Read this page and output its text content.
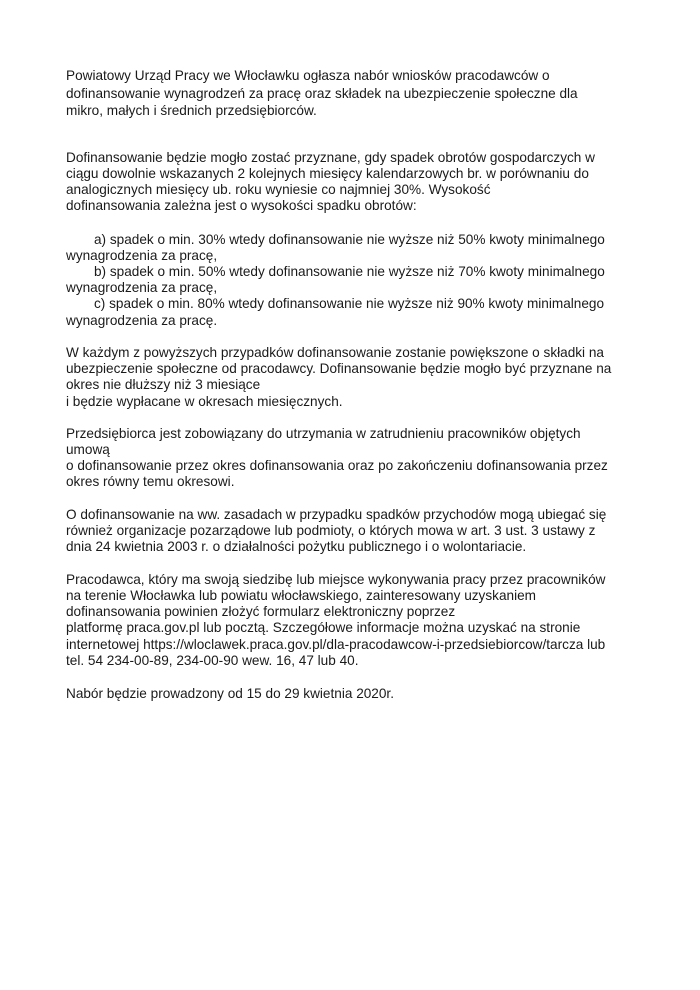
Powiatowy Urząd Pracy we Włocławku ogłasza nabór wniosków pracodawców o
dofinansowanie wynagrodzeń za pracę oraz składek na ubezpieczenie społeczne dla
mikro, małych i średnich przedsiębiorców.
Dofinansowanie będzie mogło zostać przyznane, gdy spadek obrotów gospodarczych w
ciągu dowolnie wskazanych 2 kolejnych miesięcy kalendarzowych br. w porównaniu do
analogicznych miesięcy ub. roku wyniesie co najmniej 30%. Wysokość
dofinansowania zależna jest o wysokości spadku obrotów:
a) spadek o min. 30% wtedy dofinansowanie nie wyższe niż 50% kwoty minimalnego
wynagrodzenia za pracę,
b) spadek o min. 50% wtedy dofinansowanie nie wyższe niż 70% kwoty minimalnego
wynagrodzenia za pracę,
c) spadek o min. 80% wtedy dofinansowanie nie wyższe niż 90% kwoty minimalnego
wynagrodzenia za pracę.
W każdym z powyższych przypadków dofinansowanie zostanie powiększone o składki na
ubezpieczenie społeczne od pracodawcy. Dofinansowanie będzie mogło być przyznane na
okres nie dłuższy niż 3 miesiące
i będzie wypłacane w okresach miesięcznych.
Przedsiębiorca jest zobowiązany do utrzymania w zatrudnieniu pracowników objętych
umową
o dofinansowanie przez okres dofinansowania oraz po zakończeniu dofinansowania przez
okres równy temu okresowi.
O dofinansowanie na ww. zasadach w przypadku spadków przychodów mogą ubiegać się
również organizacje pozarządowe lub podmioty, o których mowa w art. 3 ust. 3 ustawy z
dnia 24 kwietnia 2003 r. o działalności pożytku publicznego i o wolontariacie.
Pracodawca, który ma swoją siedzibę lub miejsce wykonywania pracy przez pracowników
na terenie Włocławka lub powiatu włocławskiego, zainteresowany uzyskaniem
dofinansowania powinien złożyć formularz elektroniczny poprzez
platformę praca.gov.pl lub pocztą. Szczegółowe informacje można uzyskać na stronie
internetowej https://wloclawek.praca.gov.pl/dla-pracodawcow-i-przedsiebiorcow/tarcza lub
tel. 54 234-00-89, 234-00-90 wew. 16, 47 lub 40.
Nabór będzie prowadzony od 15 do 29 kwietnia 2020r.
